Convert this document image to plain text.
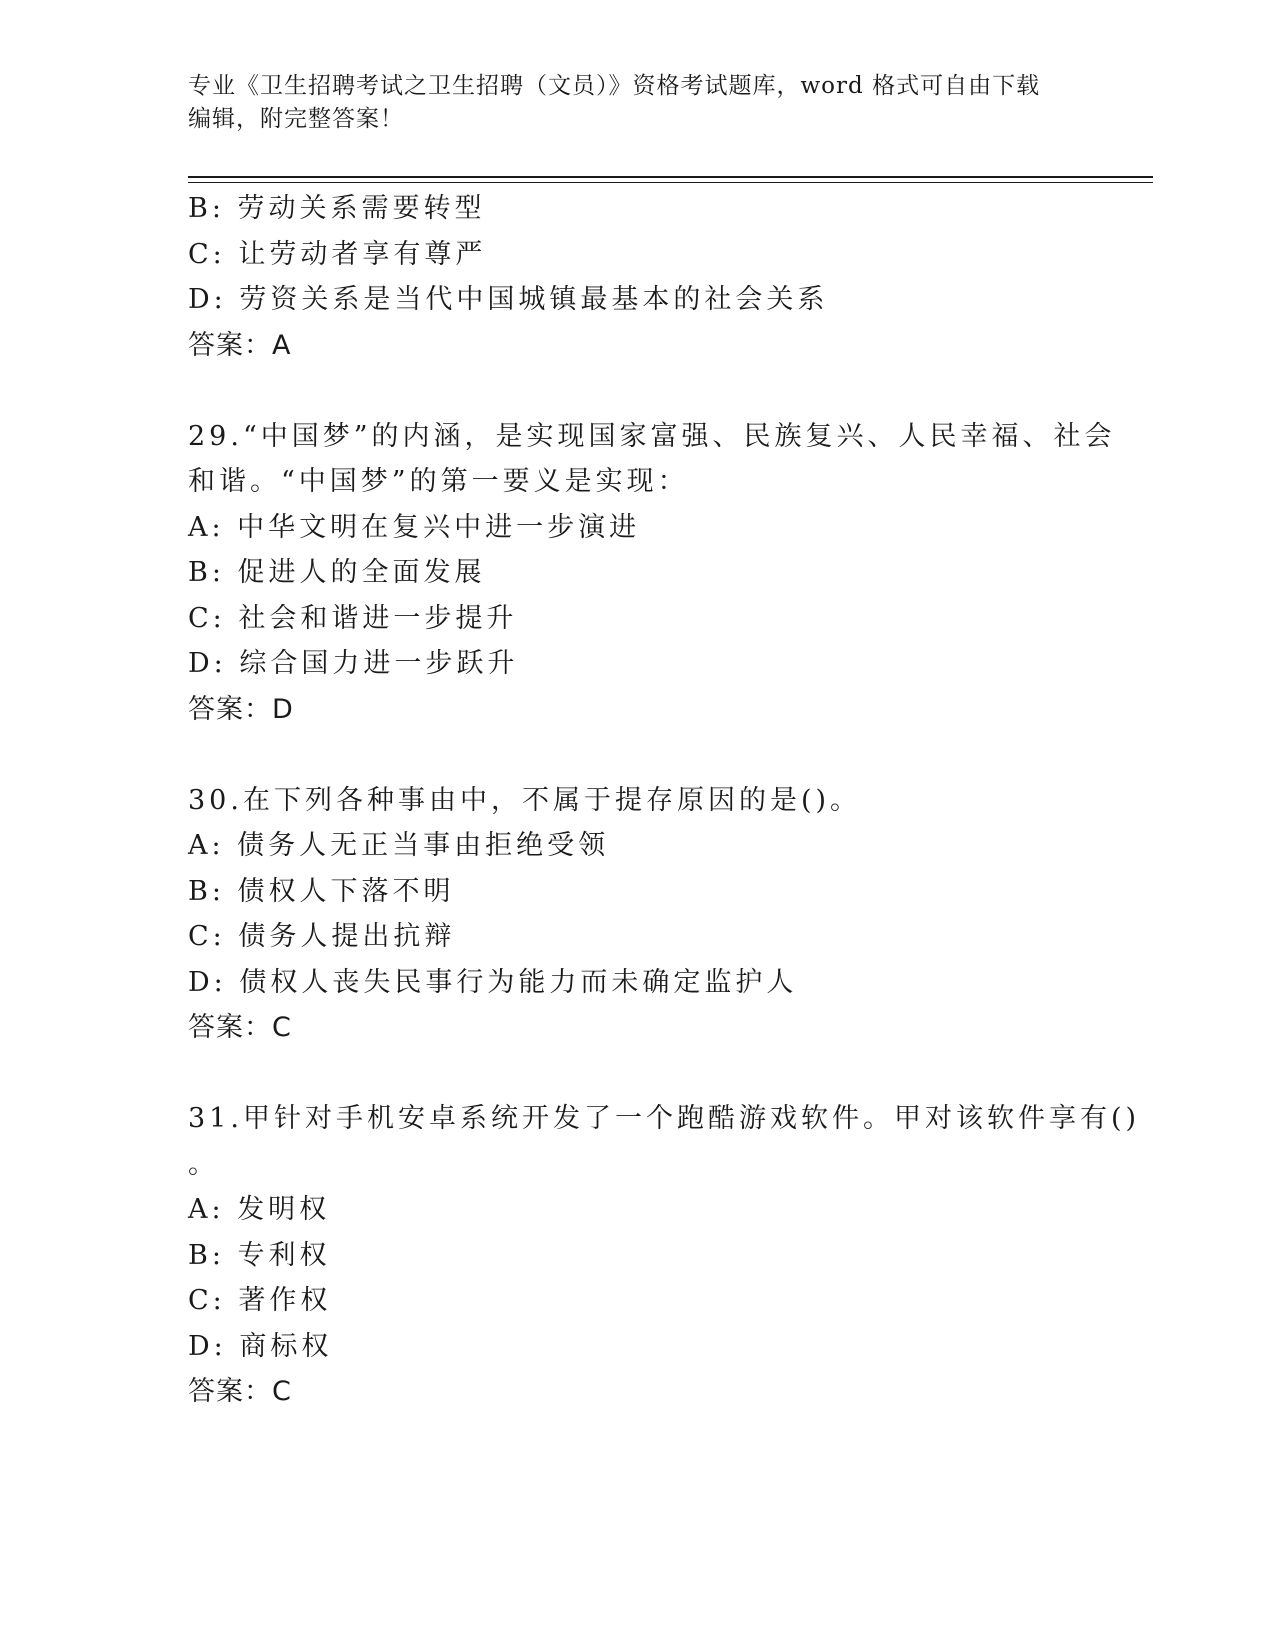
专业《卫生招聘考试之卫生招聘（文员）》资格考试题库，word 格式可自由下载
编辑，附完整答案！
B: 劳动关系需要转型
C: 让劳动者享有尊严
D: 劳资关系是当代中国城镇最基本的社会关系
答案：A
29.“中国梦”的内涵，是实现国家富强、民族复兴、人民幸福、社会
和谐。“中国梦”的第一要义是实现：
A: 中华文明在复兴中进一步演进
B: 促进人的全面发展
C: 社会和谐进一步提升
D: 综合国力进一步跃升
答案：D
30.在下列各种事由中，不属于提存原因的是()。
A: 债务人无正当事由拒绝受领
B: 债权人下落不明
C: 债务人提出抗辩
D: 债权人丧失民事行为能力而未确定监护人
答案：C
31.甲针对手机安卓系统开发了一个跑酷游戏软件。甲对该软件享有()
。
A: 发明权
B: 专利权
C: 著作权
D: 商标权
答案：C
